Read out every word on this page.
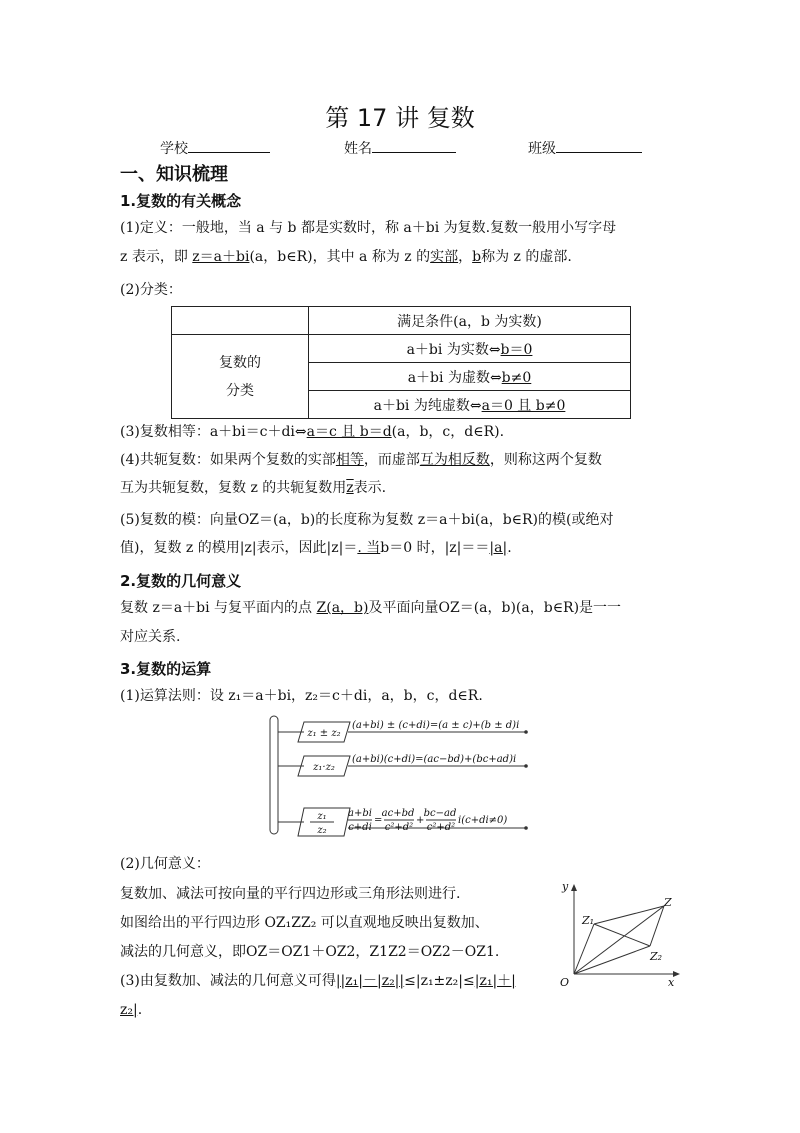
第 17 讲 复数
学校	姓名	班级
一、知识梳理
1.复数的有关概念
(1)定义：一般地，当 a 与 b 都是实数时，称 a＋bi 为复数.复数一般用小写字母
z 表示，即 z＝a＋bi(a，b∈R)，其中 a 称为 z 的实部，b称为 z 的虚部.
(2)分类：
	满足条件(a，b 为实数)
复数的
分类	a＋bi 为实数⇔b＝0
	a＋bi 为虚数⇔b≠0
	a＋bi 为纯虚数⇔a＝0 且 b≠0
(3)复数相等：a＋bi＝c＋di⇔a＝c 且 b＝d(a，b，c，d∈R).
(4)共轭复数：如果两个复数的实部相等，而虚部互为相反数，则称这两个复数
互为共轭复数，复数 z 的共轭复数用z表示.
(5)复数的模：向量OZ＝(a，b)的长度称为复数 z＝a＋bi(a，b∈R)的模(或绝对
值)，复数 z 的模用|z|表示，因此|z|＝. 当b＝0 时，|z|＝＝|a|.
2.复数的几何意义
复数 z＝a＋bi 与复平面内的点 Z(a，b)及平面向量OZ＝(a，b)(a，b∈R)是一一
对应关系.
3.复数的运算
(1)运算法则：设 z₁＝a＋bi，z₂＝c＋di，a，b，c，d∈R.
z₁ ± z₂
(a+bi) ± (c+di)=(a ± c)+(b ± d)i
z₁·z₂
(a+bi)(c+di)=(ac−bd)+(bc+ad)i
z₁
z₂
a+bi
c+di
=
ac+bd
c²+d²
+
bc−ad
c²+d²
i(c+di≠0)
(2)几何意义：
复数加、减法可按向量的平行四边形或三角形法则进行.
如图给出的平行四边形 OZ₁ZZ₂ 可以直观地反映出复数加、
减法的几何意义，即OZ＝OZ1＋OZ2，Z1Z2＝OZ2－OZ1.
(3)由复数加、减法的几何意义可得||z₁|－|z₂||≤|z₁±z₂|≤|z₁|＋|
z₂|.
y
x
O
Z
Z₁
Z₂
